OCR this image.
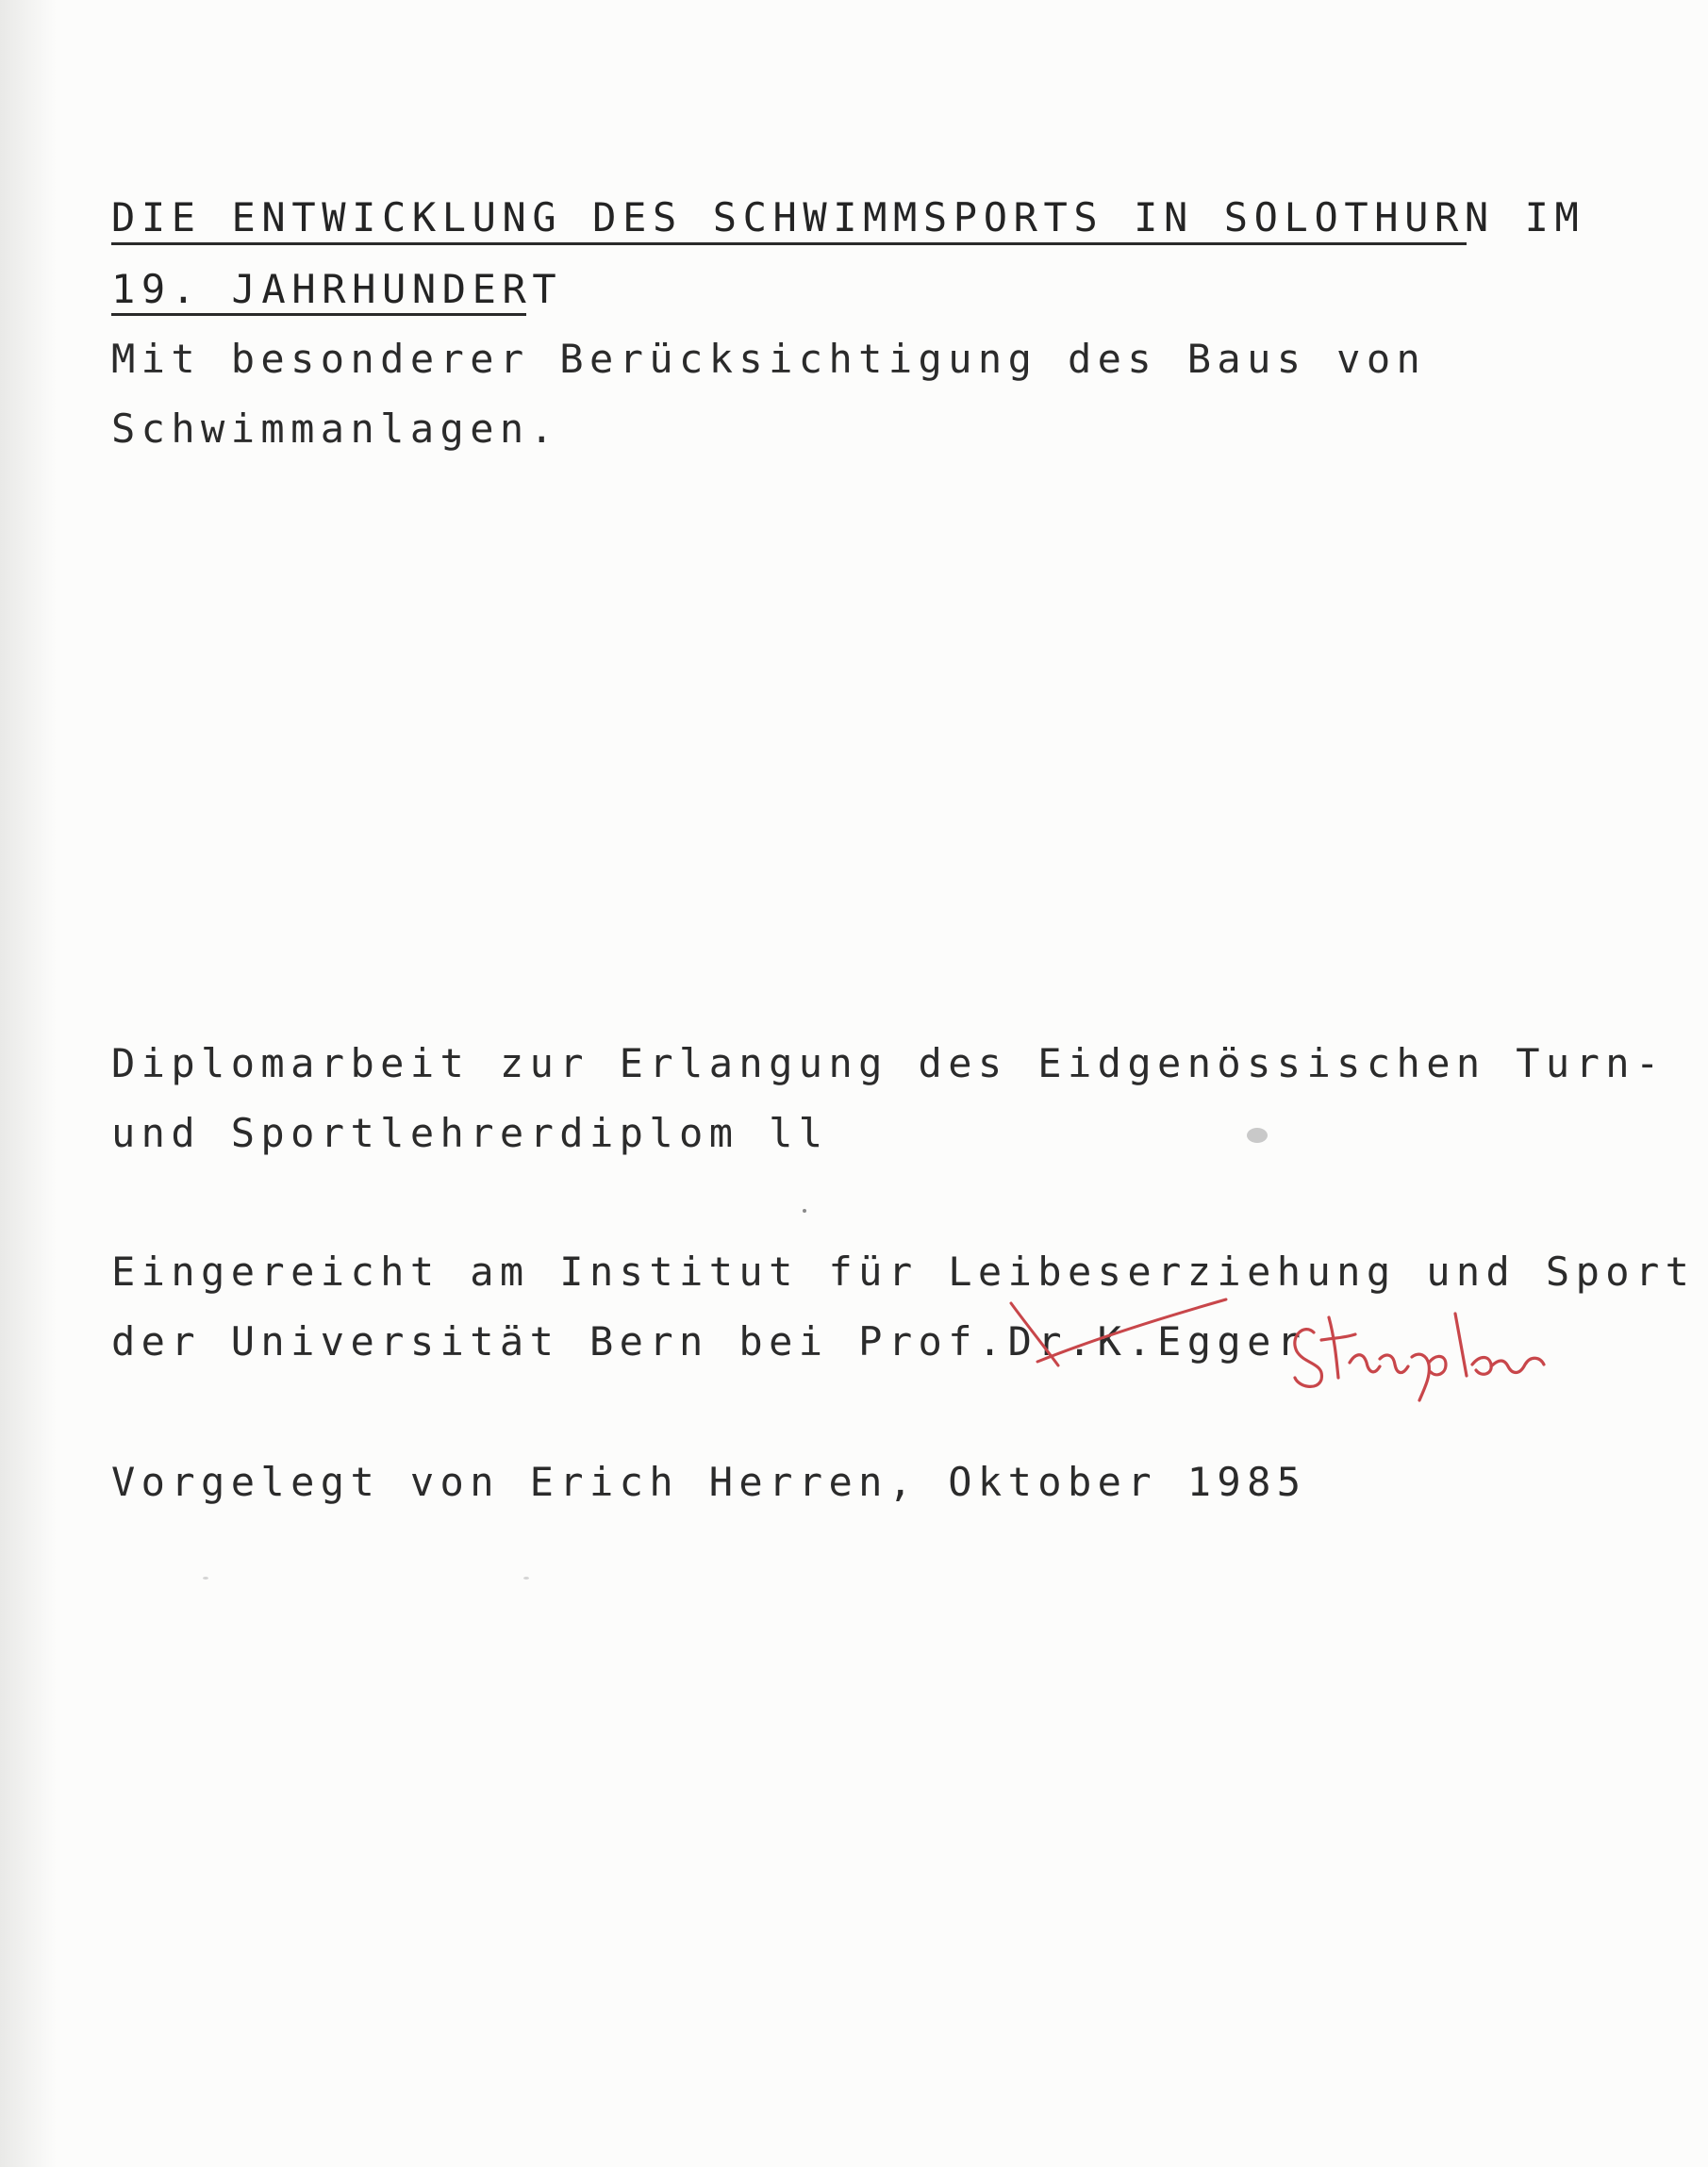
DIE ENTWICKLUNG DES SCHWIMMSPORTS IN SOLOTHURN IM
19. JAHRHUNDERT
Mit besonderer Berücksichtigung des Baus von
Schwimmanlagen.
Diplomarbeit zur Erlangung des Eidgenössischen Turn-
und Sportlehrerdiplom ll
Eingereicht am Institut für Leibeserziehung und Sport
der Universität Bern bei Prof.Dr.K.Egger
Vorgelegt von Erich Herren, Oktober 1985
